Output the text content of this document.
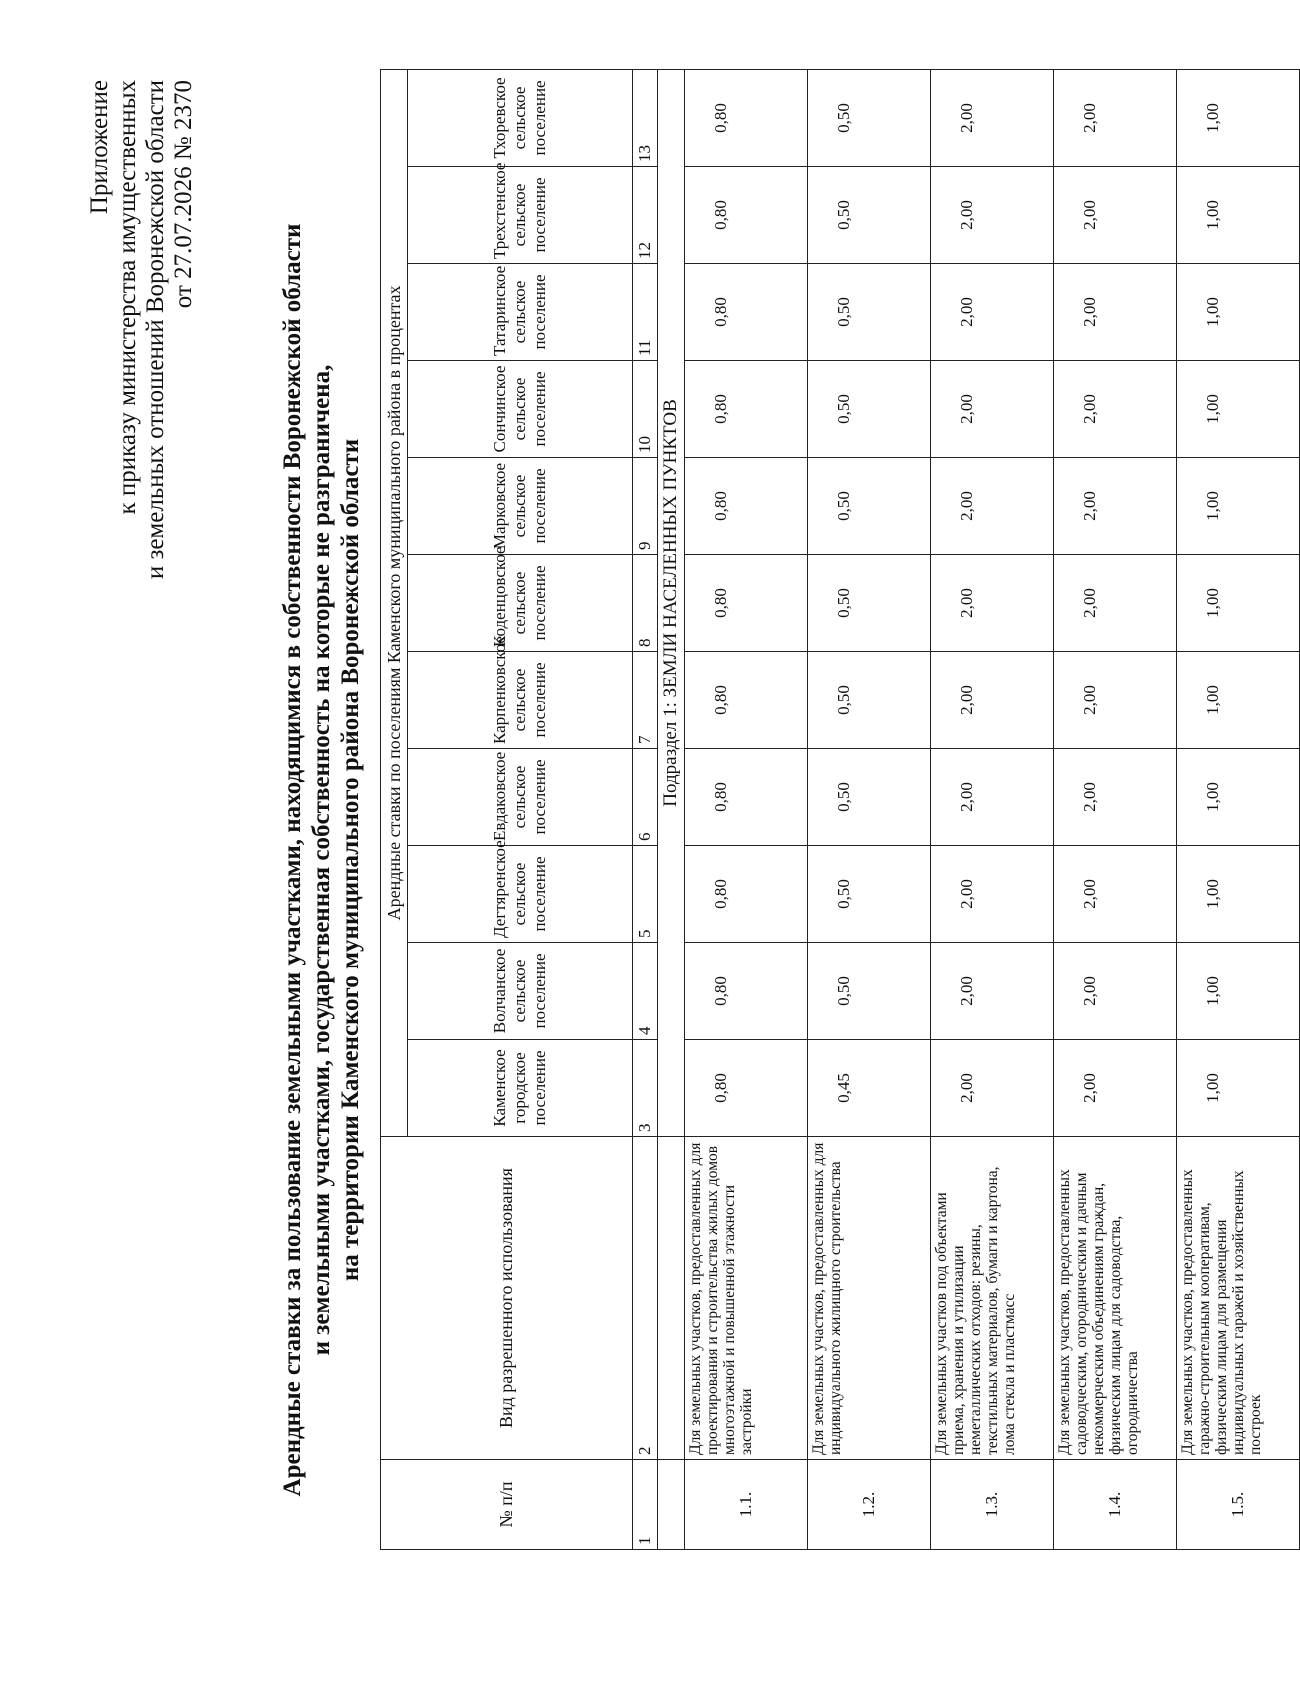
Приложение к приказу министерства имущественных и земельных отношений Воронежской области от 27.07.2026 № 2370
Арендные ставки за пользование земельными участками, находящимися в собственности Воронежской области и земельными участками, государственная собственность на которые не разграничена, на территории Каменского муниципального района Воронежской области
№ п/п	Вид разрешенного использования	Арендные ставки по поселениям Каменского муниципального района в процентах										
		Каменское городское поселение	Волчанское сельское поселение	Дегтяренское сельское поселение	Евдаковское сельское поселение	Карпенковское сельское поселение	Коденцовское сельское поселение	Марковское сельское поселение	Сончинское сельское поселение	Татаринское сельское поселение	Трехстенское сельское поселение	Тхоревское сельское поселение
1	2	3	4	5	6	7	8	9	10	11	12	13
		Подраздел 1: ЗЕМЛИ НАСЕЛЕННЫХ ПУНКТОВ										
1.1.	Для земельных участков, предоставленных для проектирования и строительства жилых домов многоэтажной и повышенной этажности застройки	0,80	0,80	0,80	0,80	0,80	0,80	0,80	0,80	0,80	0,80	0,80
1.2.	Для земельных участков, предоставленных для индивидуального жилищного строительства	0,45	0,50	0,50	0,50	0,50	0,50	0,50	0,50	0,50	0,50	0,50
1.3.	Для земельных участков под объектами приема, хранения и утилизации неметаллических отходов: резины, текстильных материалов, бумаги и картона, лома стекла и пластмасс	2,00	2,00	2,00	2,00	2,00	2,00	2,00	2,00	2,00	2,00	2,00
1.4.	Для земельных участков, предоставленных садоводческим, огородническим и дачным некоммерческим объединениям граждан, физическим лицам для садоводства, огородничества	2,00	2,00	2,00	2,00	2,00	2,00	2,00	2,00	2,00	2,00	2,00
1.5.	Для земельных участков, предоставленных гаражно-строительным кооперативам, физическим лицам для размещения индивидуальных гаражей и хозяйственных построек	1,00	1,00	1,00	1,00	1,00	1,00	1,00	1,00	1,00	1,00	1,00
